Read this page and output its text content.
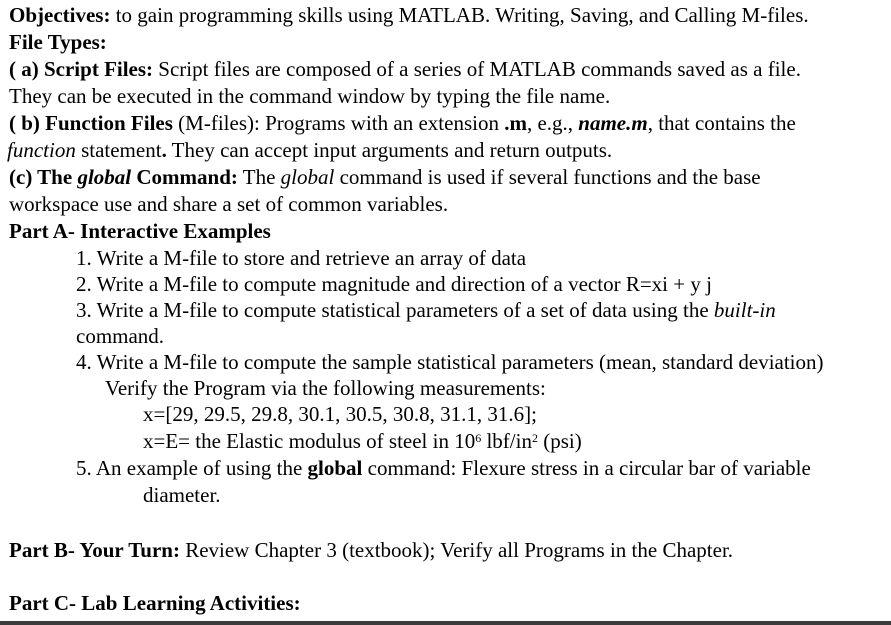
Objectives: to gain programming skills using MATLAB. Writing, Saving, and Calling M-files.
File Types:
( a) Script Files: Script files are composed of a series of MATLAB commands saved as a file.
They can be executed in the command window by typing the file name.
( b) Function Files (M-files): Programs with an extension .m, e.g., name.m, that contains the
function statement. They can accept input arguments and return outputs.
(c) The global Command: The global command is used if several functions and the base
workspace use and share a set of common variables.
Part A- Interactive Examples
1. Write a M-file to store and retrieve an array of data
2. Write a M-file to compute magnitude and direction of a vector R=xi + y j
3. Write a M-file to compute statistical parameters of a set of data using the built-in
command.
4. Write a M-file to compute the sample statistical parameters (mean, standard deviation)
Verify the Program via the following measurements:
x=[29, 29.5, 29.8, 30.1, 30.5, 30.8, 31.1, 31.6];
x=E= the Elastic modulus of steel in $10^6$ lbf/$in^2$ (psi)
5. An example of using the global command: Flexure stress in a circular bar of variable
diameter.
Part B- Your Turn: Review Chapter 3 (textbook); Verify all Programs in the Chapter.
Part C- Lab Learning Activities:
